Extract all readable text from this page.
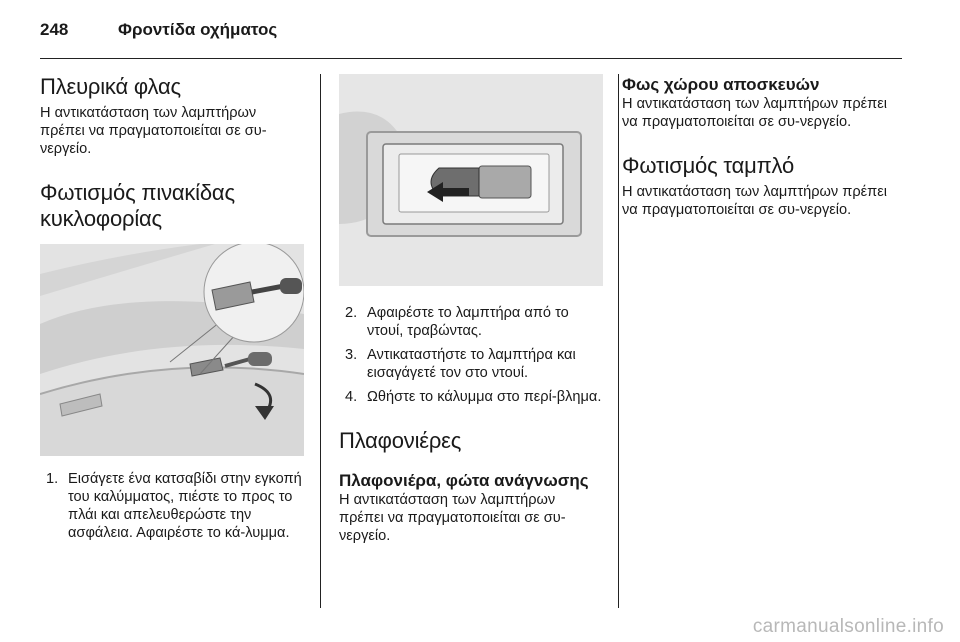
248	Φροντίδα οχήματος
Πλευρικά φλας

Η αντικατάσταση των λαμπτήρων πρέπει να πραγματοποιείται σε συ-νεργείο.

Φωτισμός πινακίδας κυκλοφορίας
1. Εισάγετε ένα κατσαβίδι στην εγκοπή του καλύμματος, πιέστε το προς το πλάι και απελευθερώστε την ασφάλεια. Αφαιρέστε το κά-λυμμα.
2. Αφαιρέστε το λαμπτήρα από το ντουί, τραβώντας.
3. Αντικαταστήστε το λαμπτήρα και εισαγάγετέ τον στο ντουί.
4. Ωθήστε το κάλυμμα στο περί-βλημα.
Πλαφονιέρες
Πλαφονιέρα, φώτα ανάγνωσης

Η αντικατάσταση των λαμπτήρων πρέπει να πραγματοποιείται σε συ-νεργείο.

Φως χώρου αποσκευών

Η αντικατάσταση των λαμπτήρων πρέπει να πραγματοποιείται σε συ-νεργείο.

Φωτισμός ταμπλό

Η αντικατάσταση των λαμπτήρων πρέπει να πραγματοποιείται σε συ-νεργείο.

carmanualsonline.info
